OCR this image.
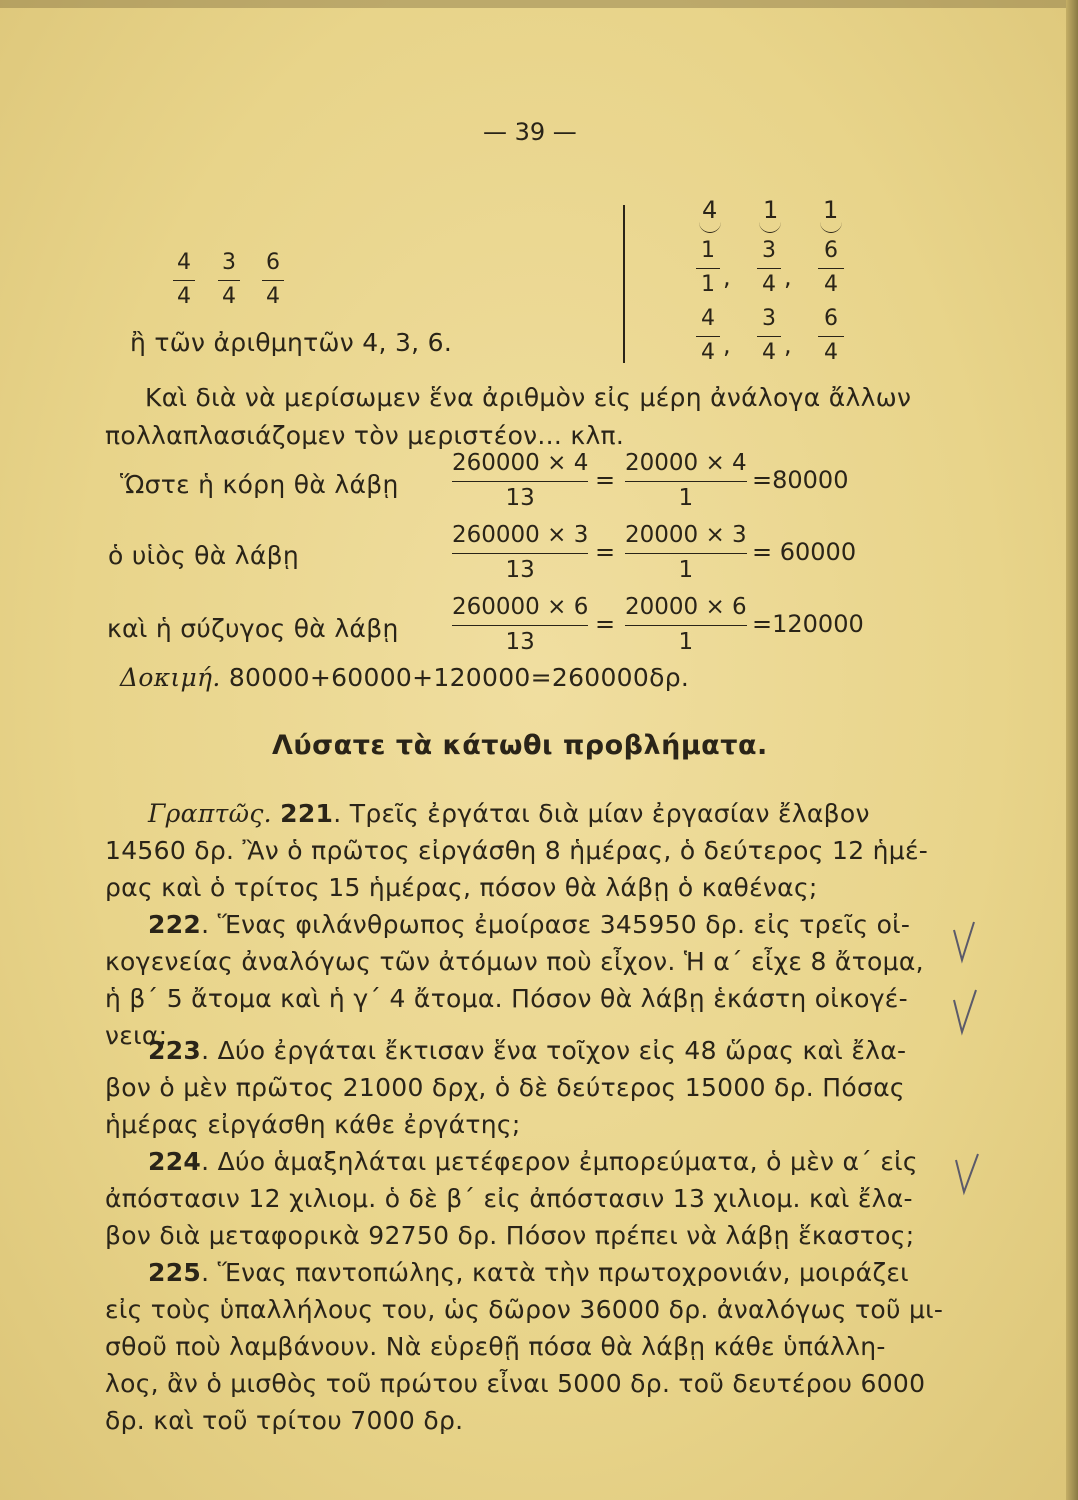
— 39 —
4
4
3
4
6
4
ἢ τῶν ἀριθμητῶν 4, 3, 6.
4 1 1
1
1 ,
3
4 ,
6
4
4
4 ,
3
4 ,
6
4
Καὶ διὰ νὰ μερίσωμεν ἕνα ἀριθμὸν εἰς μέρη ἀνάλογα ἄλλων
πολλαπλασιάζομεν τὸν μεριστέον... κλπ.
Ὥστε ἡ κόρη θὰ λάβῃ
260000 × 4
13
=
20000 × 4
1
=80000
ὁ υἱὸς θὰ λάβῃ
260000 × 3
13
=
20000 × 3
1
= 60000
καὶ ἡ σύζυγος θὰ λάβῃ
260000 × 6
13
=
20000 × 6
1
=120000
Δοκιμή. 80000+60000+120000=260000δρ.
Λύσατε τὰ κάτωθι προβλήματα.
Γραπτῶς. 221. Τρεῖς ἐργάται διὰ μίαν ἐργασίαν ἔλαβον
14560 δρ. Ἂν ὁ πρῶτος εἰργάσθη 8 ἡμέρας, ὁ δεύτερος 12 ἡμέ-
ρας καὶ ὁ τρίτος 15 ἡμέρας, πόσον θὰ λάβῃ ὁ καθένας;
222. Ἕνας φιλάνθρωπος ἐμοίρασε 345950 δρ. εἰς τρεῖς οἰ-
κογενείας ἀναλόγως τῶν ἀτόμων ποὺ εἶχον. Ἡ α΄ εἶχε 8 ἄτομα,
ἡ β΄ 5 ἄτομα καὶ ἡ γ΄ 4 ἄτομα. Πόσον θὰ λάβῃ ἑκάστη οἰκογέ-
νεια;
223. Δύο ἐργάται ἔκτισαν ἕνα τοῖχον εἰς 48 ὥρας καὶ ἔλα-
βον ὁ μὲν πρῶτος 21000 δρχ, ὁ δὲ δεύτερος 15000 δρ. Πόσας
ἡμέρας εἰργάσθη κάθε ἐργάτης;
224. Δύο ἁμαξηλάται μετέφερον ἐμπορεύματα, ὁ μὲν α΄ εἰς
ἀπόστασιν 12 χιλιομ. ὁ δὲ β΄ εἰς ἀπόστασιν 13 χιλιομ. καὶ ἔλα-
βον διὰ μεταφορικὰ 92750 δρ. Πόσον πρέπει νὰ λάβῃ ἕκαστος;
225. Ἕνας παντοπώλης, κατὰ τὴν πρωτοχρονιάν, μοιράζει
εἰς τοὺς ὑπαλλήλους του, ὡς δῶρον 36000 δρ. ἀναλόγως τοῦ μι-
σθοῦ ποὺ λαμβάνουν. Νὰ εὑρεθῇ πόσα θὰ λάβῃ κάθε ὑπάλλη-
λος, ἂν ὁ μισθὸς τοῦ πρώτου εἶναι 5000 δρ. τοῦ δευτέρου 6000
δρ. καὶ τοῦ τρίτου 7000 δρ.
